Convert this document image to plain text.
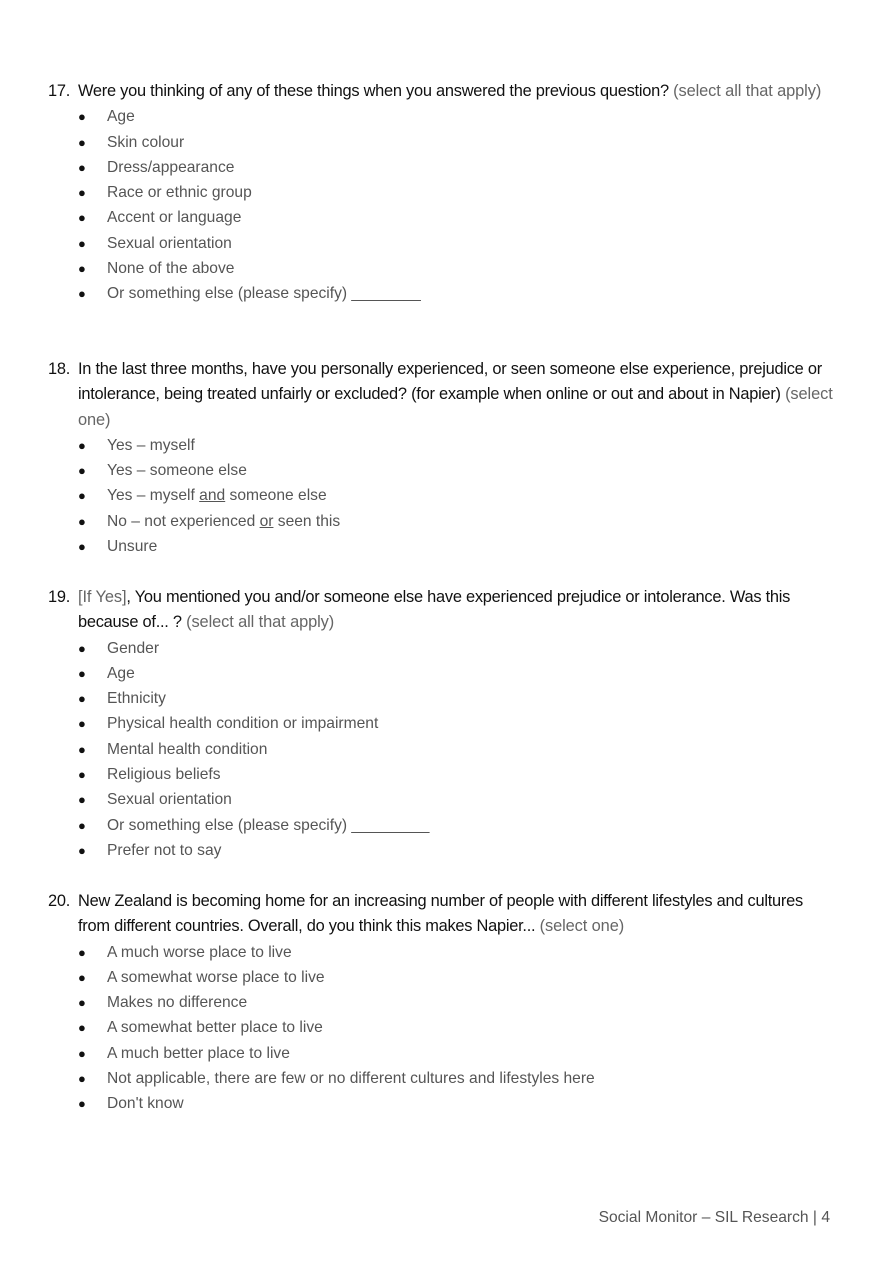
17. Were you thinking of any of these things when you answered the previous question? (select all that apply)
● Age
● Skin colour
● Dress/appearance
● Race or ethnic group
● Accent or language
● Sexual orientation
● None of the above
● Or something else (please specify) ________
18. In the last three months, have you personally experienced, or seen someone else experience, prejudice or intolerance, being treated unfairly or excluded? (for example when online or out and about in Napier) (select one)
● Yes – myself
● Yes – someone else
● Yes – myself and someone else
● No – not experienced or seen this
● Unsure
19. [If Yes], You mentioned you and/or someone else have experienced prejudice or intolerance. Was this because of... ? (select all that apply)
● Gender
● Age
● Ethnicity
● Physical health condition or impairment
● Mental health condition
● Religious beliefs
● Sexual orientation
● Or something else (please specify) _________
● Prefer not to say
20. New Zealand is becoming home for an increasing number of people with different lifestyles and cultures from different countries. Overall, do you think this makes Napier... (select one)
● A much worse place to live
● A somewhat worse place to live
● Makes no difference
● A somewhat better place to live
● A much better place to live
● Not applicable, there are few or no different cultures and lifestyles here
● Don't know
Social Monitor – SIL Research | 4
